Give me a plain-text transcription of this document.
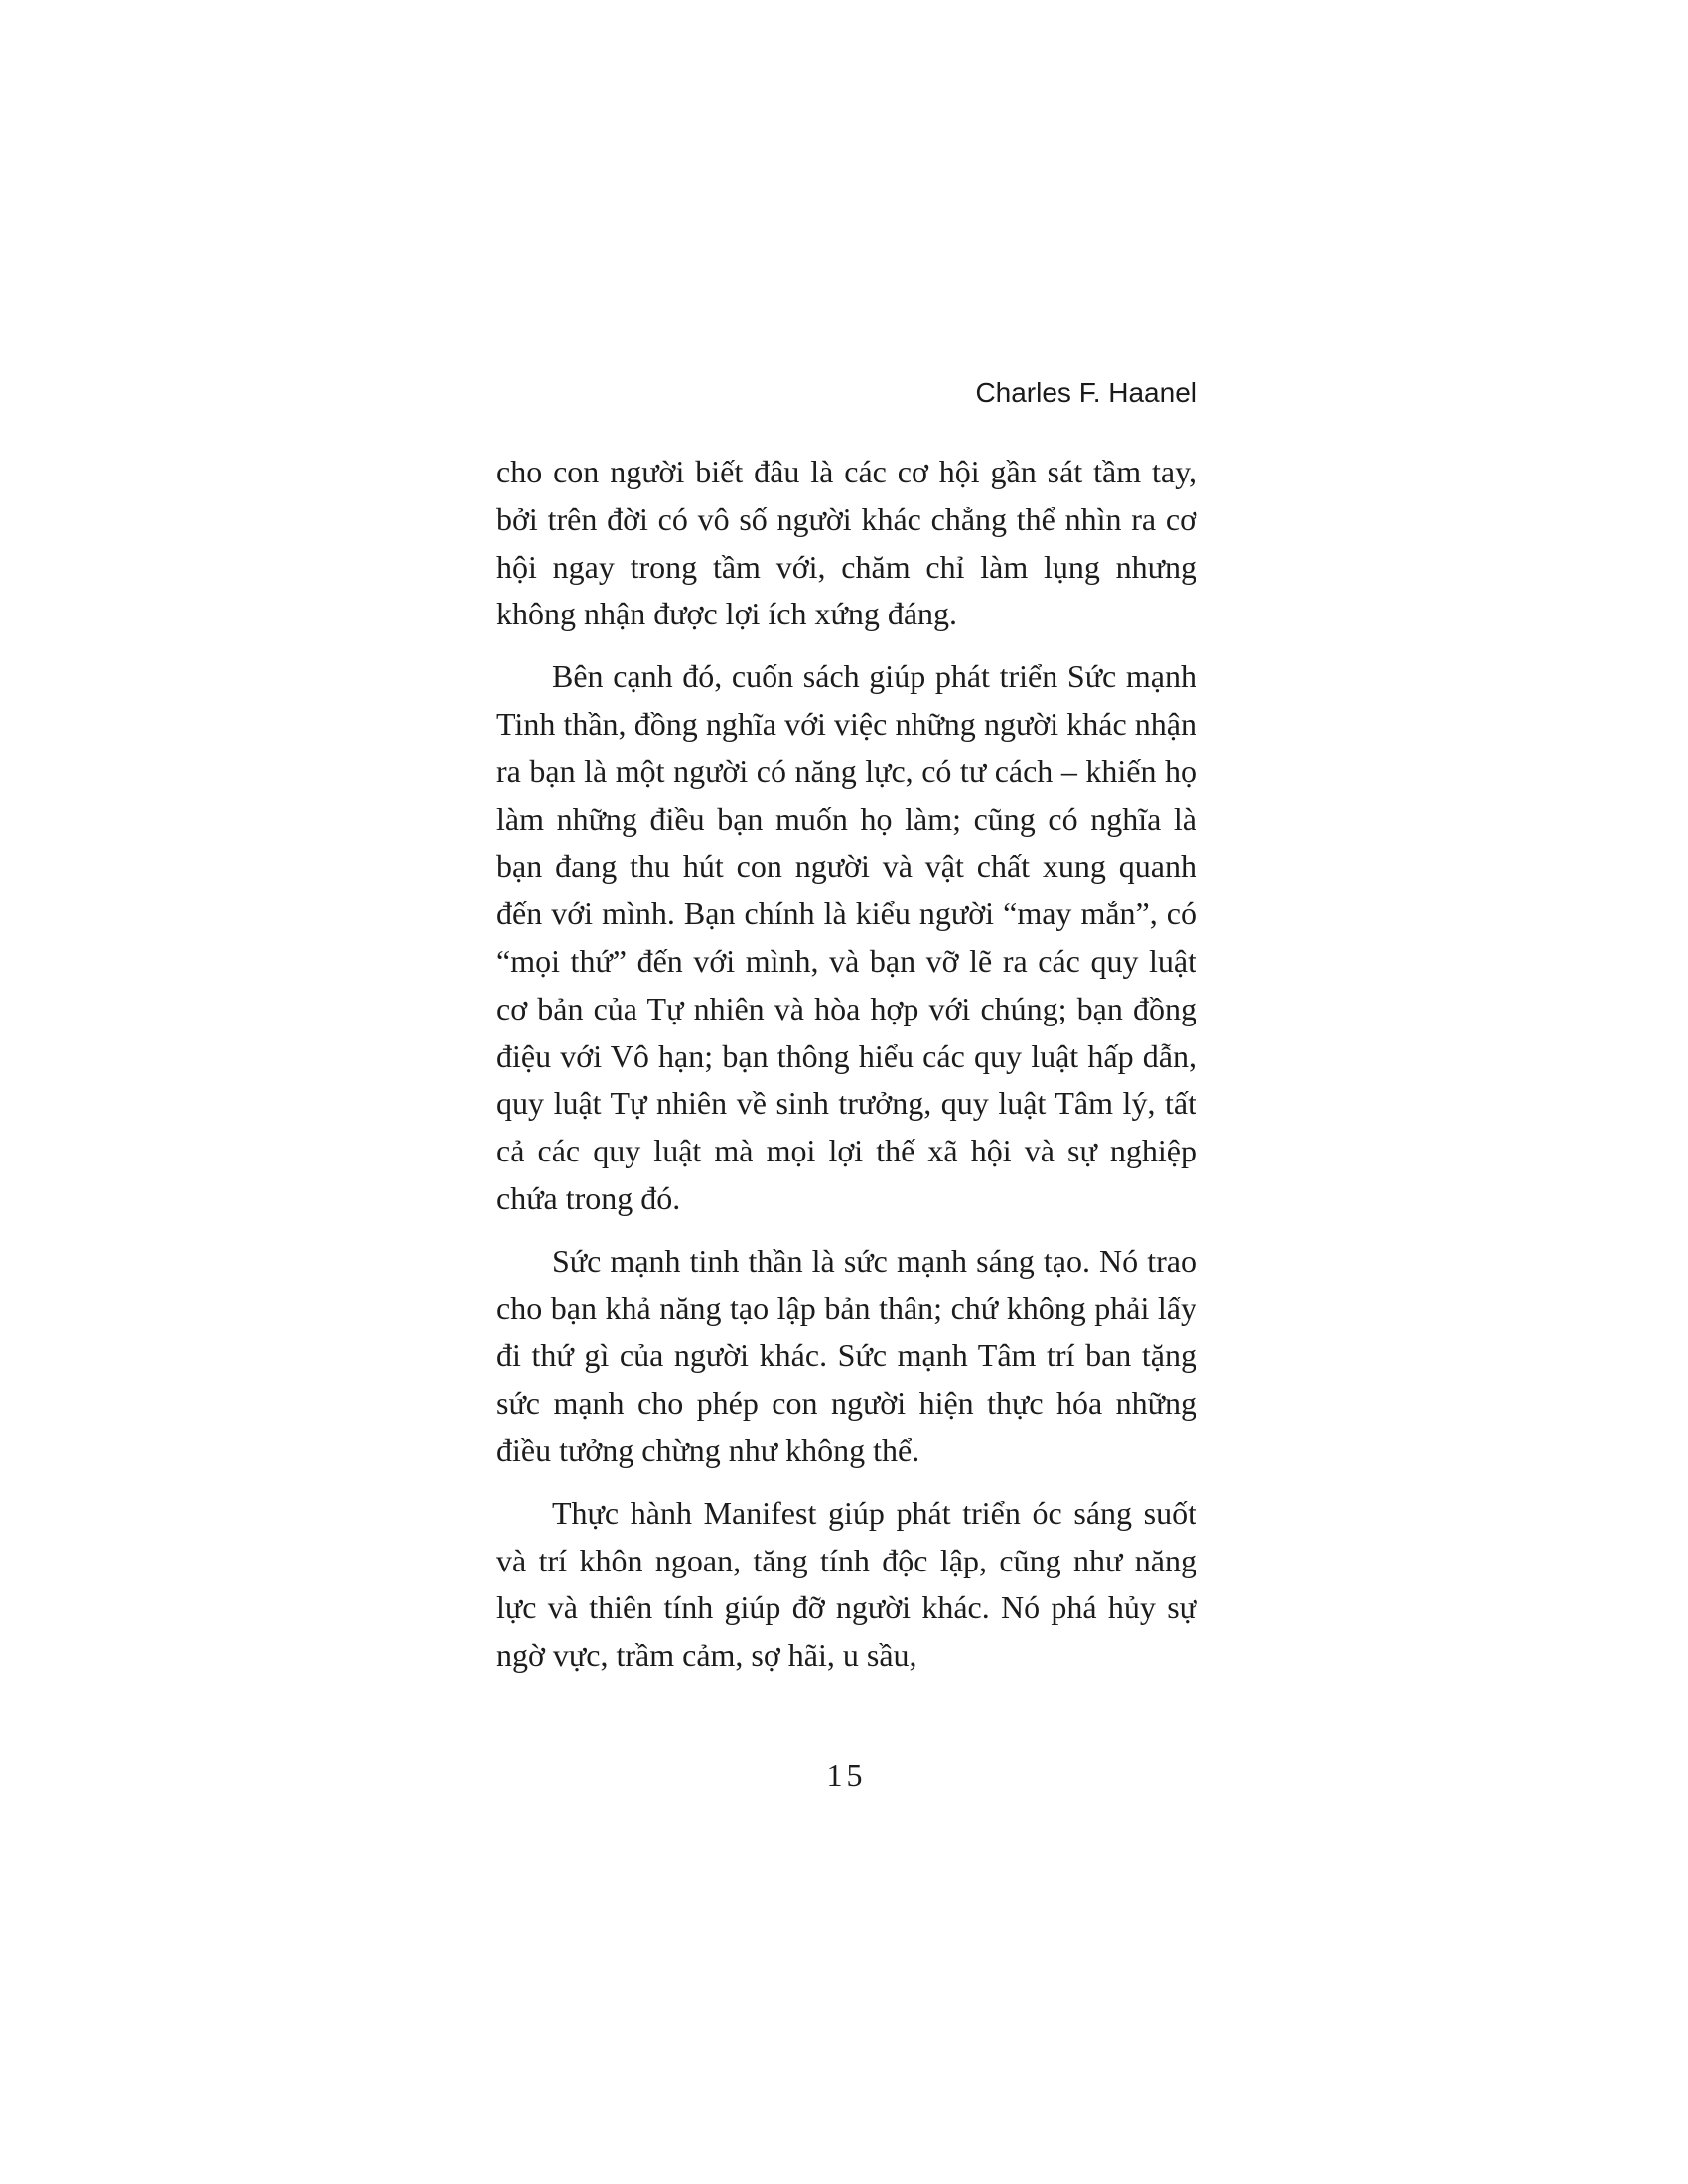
Charles F. Haanel

cho con người biết đâu là các cơ hội gần sát tầm tay, bởi trên đời có vô số người khác chẳng thể nhìn ra cơ hội ngay trong tầm với, chăm chỉ làm lụng nhưng không nhận được lợi ích xứng đáng.

Bên cạnh đó, cuốn sách giúp phát triển Sức mạnh Tinh thần, đồng nghĩa với việc những người khác nhận ra bạn là một người có năng lực, có tư cách – khiến họ làm những điều bạn muốn họ làm; cũng có nghĩa là bạn đang thu hút con người và vật chất xung quanh đến với mình. Bạn chính là kiểu người “may mắn”, có “mọi thứ” đến với mình, và bạn vỡ lẽ ra các quy luật cơ bản của Tự nhiên và hòa hợp với chúng; bạn đồng điệu với Vô hạn; bạn thông hiểu các quy luật hấp dẫn, quy luật Tự nhiên về sinh trưởng, quy luật Tâm lý, tất cả các quy luật mà mọi lợi thế xã hội và sự nghiệp chứa trong đó.

Sức mạnh tinh thần là sức mạnh sáng tạo. Nó trao cho bạn khả năng tạo lập bản thân; chứ không phải lấy đi thứ gì của người khác. Sức mạnh Tâm trí ban tặng sức mạnh cho phép con người hiện thực hóa những điều tưởng chừng như không thể.

Thực hành Manifest giúp phát triển óc sáng suốt và trí khôn ngoan, tăng tính độc lập, cũng như năng lực và thiên tính giúp đỡ người khác. Nó phá hủy sự ngờ vực, trầm cảm, sợ hãi, u sầu,

15
